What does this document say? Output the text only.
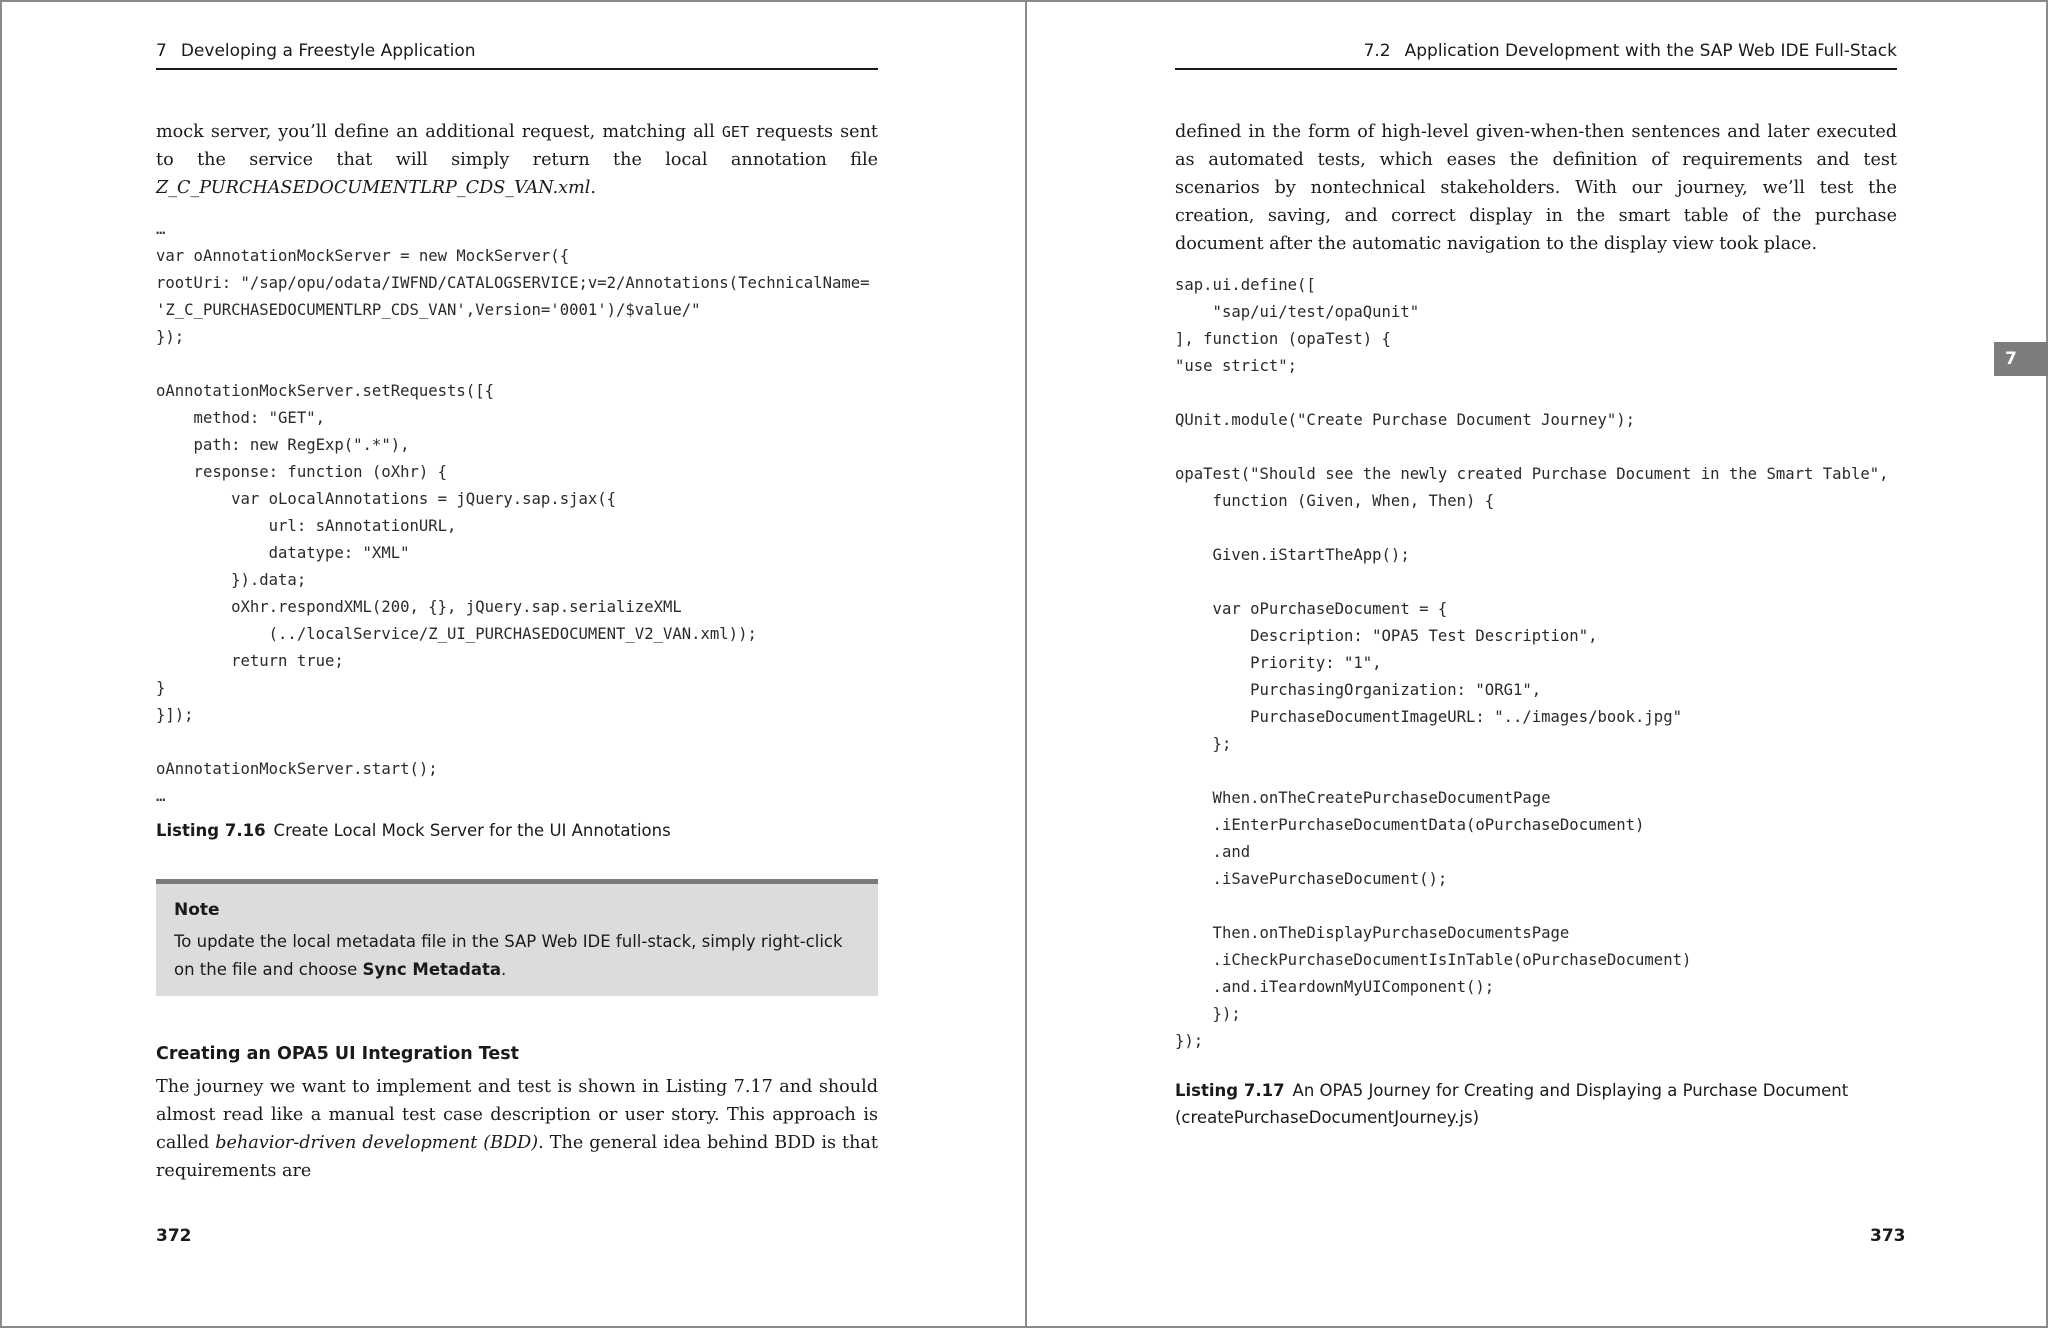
7 Developing a Freestyle Application

mock server, you’ll define an additional request, matching all GET requests sent to the service that will simply return the local annotation file Z_C_PURCHASEDOCUMENTLRP_CDS_VAN.xml.

…
var oAnnotationMockServer = new MockServer({
rootUri: "/sap/opu/odata/IWFND/CATALOGSERVICE;v=2/Annotations(TechnicalName=
'Z_C_PURCHASEDOCUMENTLRP_CDS_VAN',Version='0001')/$value/"
});
oAnnotationMockServer.setRequests([{
method: "GET",
path: new RegExp(".*"),
response: function (oXhr) {
var oLocalAnnotations = jQuery.sap.sjax({
url: sAnnotationURL,
datatype: "XML"
}).data;
oXhr.respondXML(200, {}, jQuery.sap.serializeXML
(../localService/Z_UI_PURCHASEDOCUMENT_V2_VAN.xml));
return true;
}
}]);
oAnnotationMockServer.start();
…
Listing 7.16 Create Local Mock Server for the UI Annotations
Note
To update the local metadata file in the SAP Web IDE full-stack, simply right-click on the file and choose Sync Metadata.
Creating an OPA5 UI Integration Test

The journey we want to implement and test is shown in Listing 7.17 and should almost read like a manual test case description or user story. This approach is called behavior-driven development (BDD). The general idea behind BDD is that requirements are

372
7.2 Application Development with the SAP Web IDE Full-Stack
7

defined in the form of high-level given-when-then sentences and later executed as automated tests, which eases the definition of requirements and test scenarios by nontechnical stakeholders. With our journey, we’ll test the creation, saving, and correct display in the smart table of the purchase document after the automatic navigation to the display view took place.

sap.ui.define([
"sap/ui/test/opaQunit"
], function (opaTest) {
"use strict";
QUnit.module("Create Purchase Document Journey");
opaTest("Should see the newly created Purchase Document in the Smart Table",
function (Given, When, Then) {
Given.iStartTheApp();
var oPurchaseDocument = {
Description: "OPA5 Test Description",
Priority: "1",
PurchasingOrganization: "ORG1",
PurchaseDocumentImageURL: "../images/book.jpg"
};
When.onTheCreatePurchaseDocumentPage
.iEnterPurchaseDocumentData(oPurchaseDocument)
.and
.iSavePurchaseDocument();
Then.onTheDisplayPurchaseDocumentsPage
.iCheckPurchaseDocumentIsInTable(oPurchaseDocument)
.and.iTeardownMyUIComponent();
});
});
Listing 7.17 An OPA5 Journey for Creating and Displaying a Purchase Document (createPurchaseDocumentJourney.js)
373
